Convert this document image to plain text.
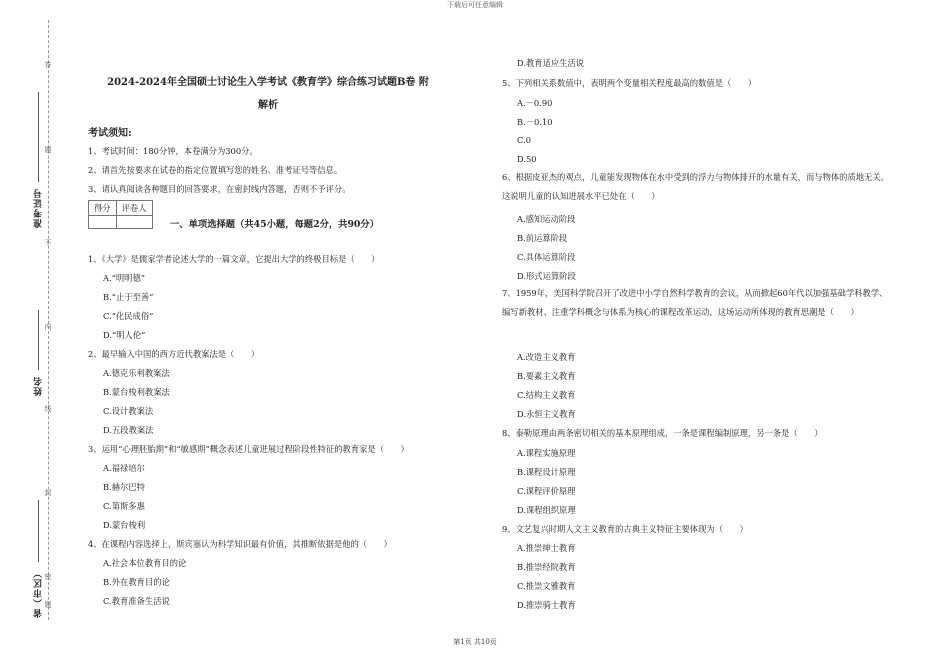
下载后可任意编辑
答
题
不
内
线
封
密
题
准考证号
姓名
省（市区）
2024-2024年全国硕士讨论生入学考试《教育学》综合练习试题B卷 附
解析
考试须知:
1、考试时间：180分钟，本卷满分为300分。
2、请首先按要求在试卷的指定位置填写您的姓名、准考证号等信息。
3、请认真阅读各种题目的回答要求，在密封线内答题，否则不予评分。
得分	评卷人

一、单项选择题（共45小题，每题2分，共90分）
1、《大学》是儒家学者论述大学的一篇文章，它提出大学的终极目标是（　　）
A.“明明德”
B.“止于至善”
C.“化民成俗”
D.“明人伦”
2、最早输入中国的西方近代教案法是（　　）
A.德克乐利教案法
B.蒙台梭利教案法
C.设计教案法
D.五段教案法
3、运用“心理胚胎期”和“敏感期”概念表述儿童进展过程阶段性特征的教育家是（　　）
A.福禄培尔
B.赫尔巴特
C.第斯多惠
D.蒙台梭利
4、在课程内容选择上，斯宾塞认为科学知识最有价值，其推断依据是他的（　　）
A.社会本位教育目的论
B.外在教育目的论
C.教育准备生活说
D.教育适应生活说
5、下列相关系数值中，表明两个变量相关程度最高的数值是（　　）
A.－0.90
B.－0.10
C.0
D.50
6、根据皮亚杰的观点，儿童能发现物体在水中受到的浮力与物体排开的水量有关，而与物体的质地无关。这说明儿童的认知进展水平已处在（　　）
A.感知运动阶段
B.前运算阶段
C.具体运算阶段
D.形式运算阶段
7、1959年，美国科学院召开了改进中小学自然科学教育的会议，从而掀起60年代以加强基础学科教学、编写新教材、注重学科概念与体系为核心的课程改革运动，这场运动所体现的教育思潮是（　　）
A.改造主义教育
B.要素主义教育
C.结构主义教育
D.永恒主义教育
8、泰勒原理由两条密切相关的基本原理组成，一条是课程编制原理，另一条是（　　）
A.课程实施原理
B.课程设计原理
C.课程评价原理
D.课程组织原理
9、文艺复兴时期人文主义教育的古典主义特征主要体现为（　　）
A.推崇绅士教育
B.推崇经院教育
C.推崇文雅教育
D.推崇骑士教育
第1页 共10页
